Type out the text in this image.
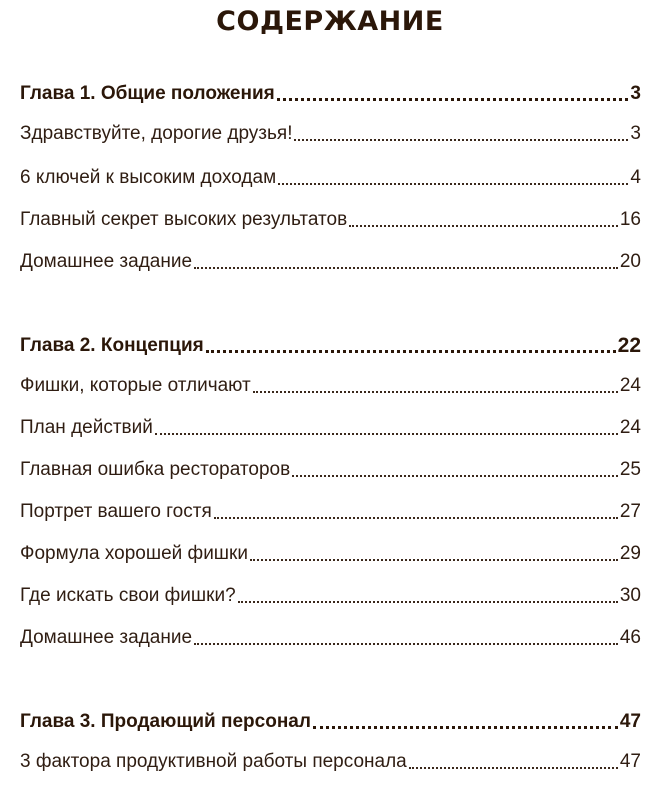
СОДЕРЖАНИЕ
Глава 1. Общие положения	3
Здравствуйте, дорогие друзья!	3
6 ключей к высоким доходам	4
Главный секрет высоких результатов	16
Домашнее задание	20
Глава 2. Концепция	22
Фишки, которые отличают	24
План действий	24
Главная ошибка рестораторов	25
Портрет вашего гостя	27
Формула хорошей фишки	29
Где искать свои фишки?	30
Домашнее задание	46
Глава 3. Продающий персонал	47
3 фактора продуктивной работы персонала	47
